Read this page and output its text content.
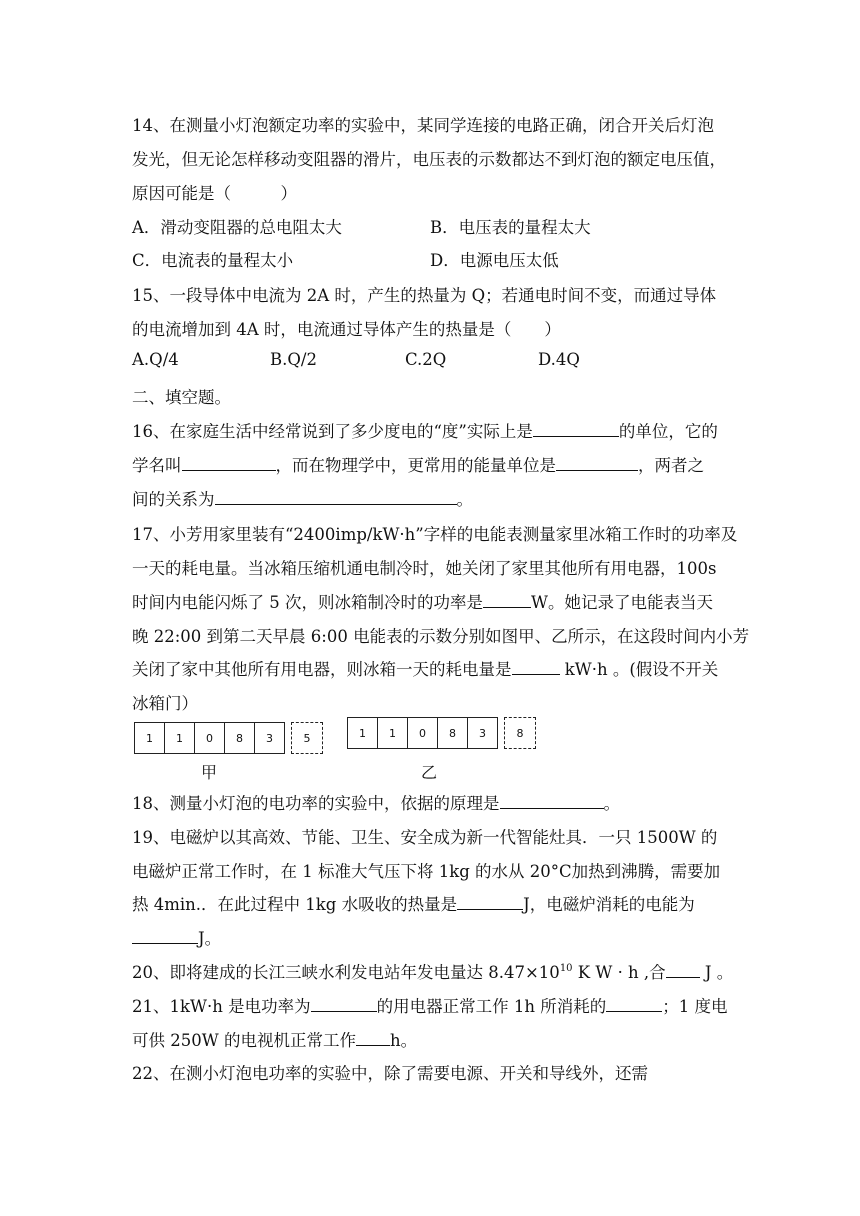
14、在测量小灯泡额定功率的实验中，某同学连接的电路正确，闭合开关后灯泡
发光，但无论怎样移动变阻器的滑片，电压表的示数都达不到灯泡的额定电压值，
原因可能是（　　　）
A．滑动变阻器的总电阻太大	B．电压表的量程太大
C．电流表的量程太小	D．电源电压太低
15、一段导体中电流为 2A 时，产生的热量为 Q；若通电时间不变，而通过导体
的电流增加到 4A 时，电流通过导体产生的热量是（　　）
A.Q/4	B.Q/2	C.2Q	D.4Q
二、填空题。
16、在家庭生活中经常说到了多少度电的“度”实际上是	的单位，它的
学名叫	，而在物理学中，更常用的能量单位是	，两者之
间的关系为	。
17、小芳用家里装有“2400imp/kW·h”字样的电能表测量家里冰箱工作时的功率及
一天的耗电量。当冰箱压缩机通电制冷时，她关闭了家里其他所有用电器，100s
时间内电能闪烁了 5 次，则冰箱制冷时的功率是	W。她记录了电能表当天
晚 22:00 到第二天早晨 6:00 电能表的示数分别如图甲、乙所示，在这段时间内小芳
关闭了家中其他所有用电器，则冰箱一天的耗电量是	kW·h 。(假设不开关
冰箱门）
1	1	0	8	3	5
甲
1	1	0	8	3	8
乙
18、测量小灯泡的电功率的实验中，依据的原理是	。
19、电磁炉以其高效、节能、卫生、安全成为新一代智能灶具．一只 1500W 的
电磁炉正常工作时，在 1 标准大气压下将 1kg 的水从 20°C加热到沸腾，需要加
热 4min.．在此过程中 1kg 水吸收的热量是	J，电磁炉消耗的电能为
J。
20、即将建成的长江三峡水利发电站年发电量达 $8.47\times 10^{10}$ K W · h ,合 J 。
21、1kW·h 是电功率为	的用电器正常工作 1h 所消耗的	；1 度电
可供 250W 的电视机正常工作 h。
22、在测小灯泡电功率的实验中，除了需要电源、开关和导线外，还需
